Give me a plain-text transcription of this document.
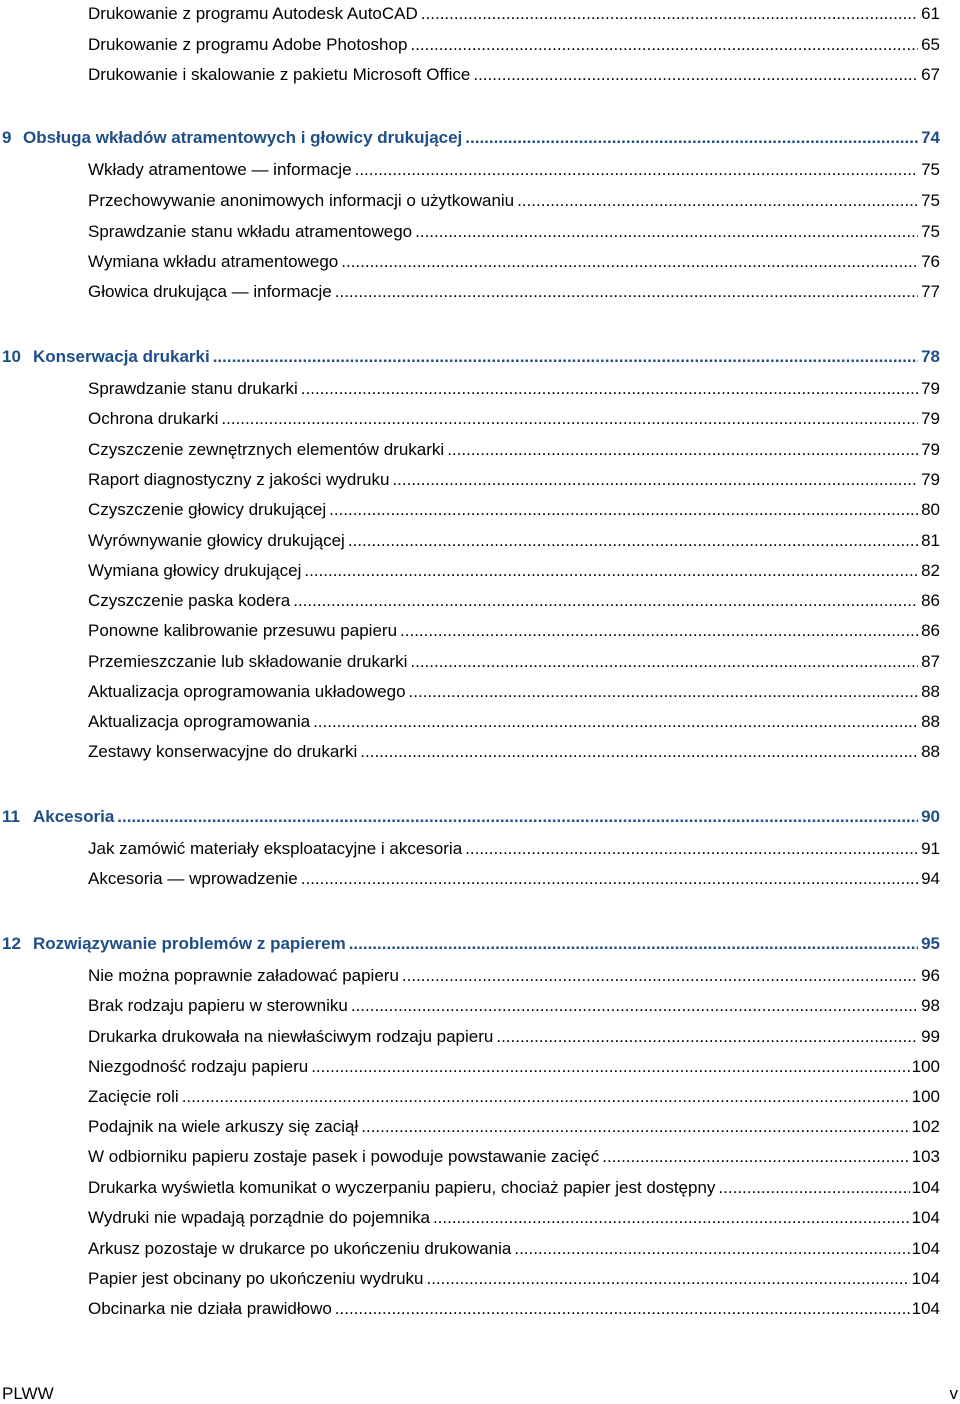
Drukowanie z programu Autodesk AutoCAD .....	61
Drukowanie z programu Adobe Photoshop .....	65
Drukowanie i skalowanie z pakietu Microsoft Office .....	67
9 Obsługa wkładów atramentowych i głowicy drukującej .....	74
Wkłady atramentowe — informacje .....	75
Przechowywanie anonimowych informacji o użytkowaniu .....	75
Sprawdzanie stanu wkładu atramentowego .....	75
Wymiana wkładu atramentowego .....	76
Głowica drukująca — informacje .....	77
10 Konserwacja drukarki .....	78
Sprawdzanie stanu drukarki .....	79
Ochrona drukarki .....	79
Czyszczenie zewnętrznych elementów drukarki .....	79
Raport diagnostyczny z jakości wydruku .....	79
Czyszczenie głowicy drukującej .....	80
Wyrównywanie głowicy drukującej .....	81
Wymiana głowicy drukującej .....	82
Czyszczenie paska kodera .....	86
Ponowne kalibrowanie przesuwu papieru .....	86
Przemieszczanie lub składowanie drukarki .....	87
Aktualizacja oprogramowania układowego .....	88
Aktualizacja oprogramowania .....	88
Zestawy konserwacyjne do drukarki .....	88
11 Akcesoria .....	90
Jak zamówić materiały eksploatacyjne i akcesoria .....	91
Akcesoria — wprowadzenie .....	94
12 Rozwiązywanie problemów z papierem .....	95
Nie można poprawnie załadować papieru .....	96
Brak rodzaju papieru w sterowniku .....	98
Drukarka drukowała na niewłaściwym rodzaju papieru .....	99
Niezgodność rodzaju papieru .....	100
Zacięcie roli .....	100
Podajnik na wiele arkuszy się zaciął .....	102
W odbiorniku papieru zostaje pasek i powoduje powstawanie zacięć .....	103
Drukarka wyświetla komunikat o wyczerpaniu papieru, chociaż papier jest dostępny .....	104
Wydruki nie wpadają porządnie do pojemnika .....	104
Arkusz pozostaje w drukarce po ukończeniu drukowania .....	104
Papier jest obcinany po ukończeniu wydruku .....	104
Obcinarka nie działa prawidłowo .....	104
PLWW	v
